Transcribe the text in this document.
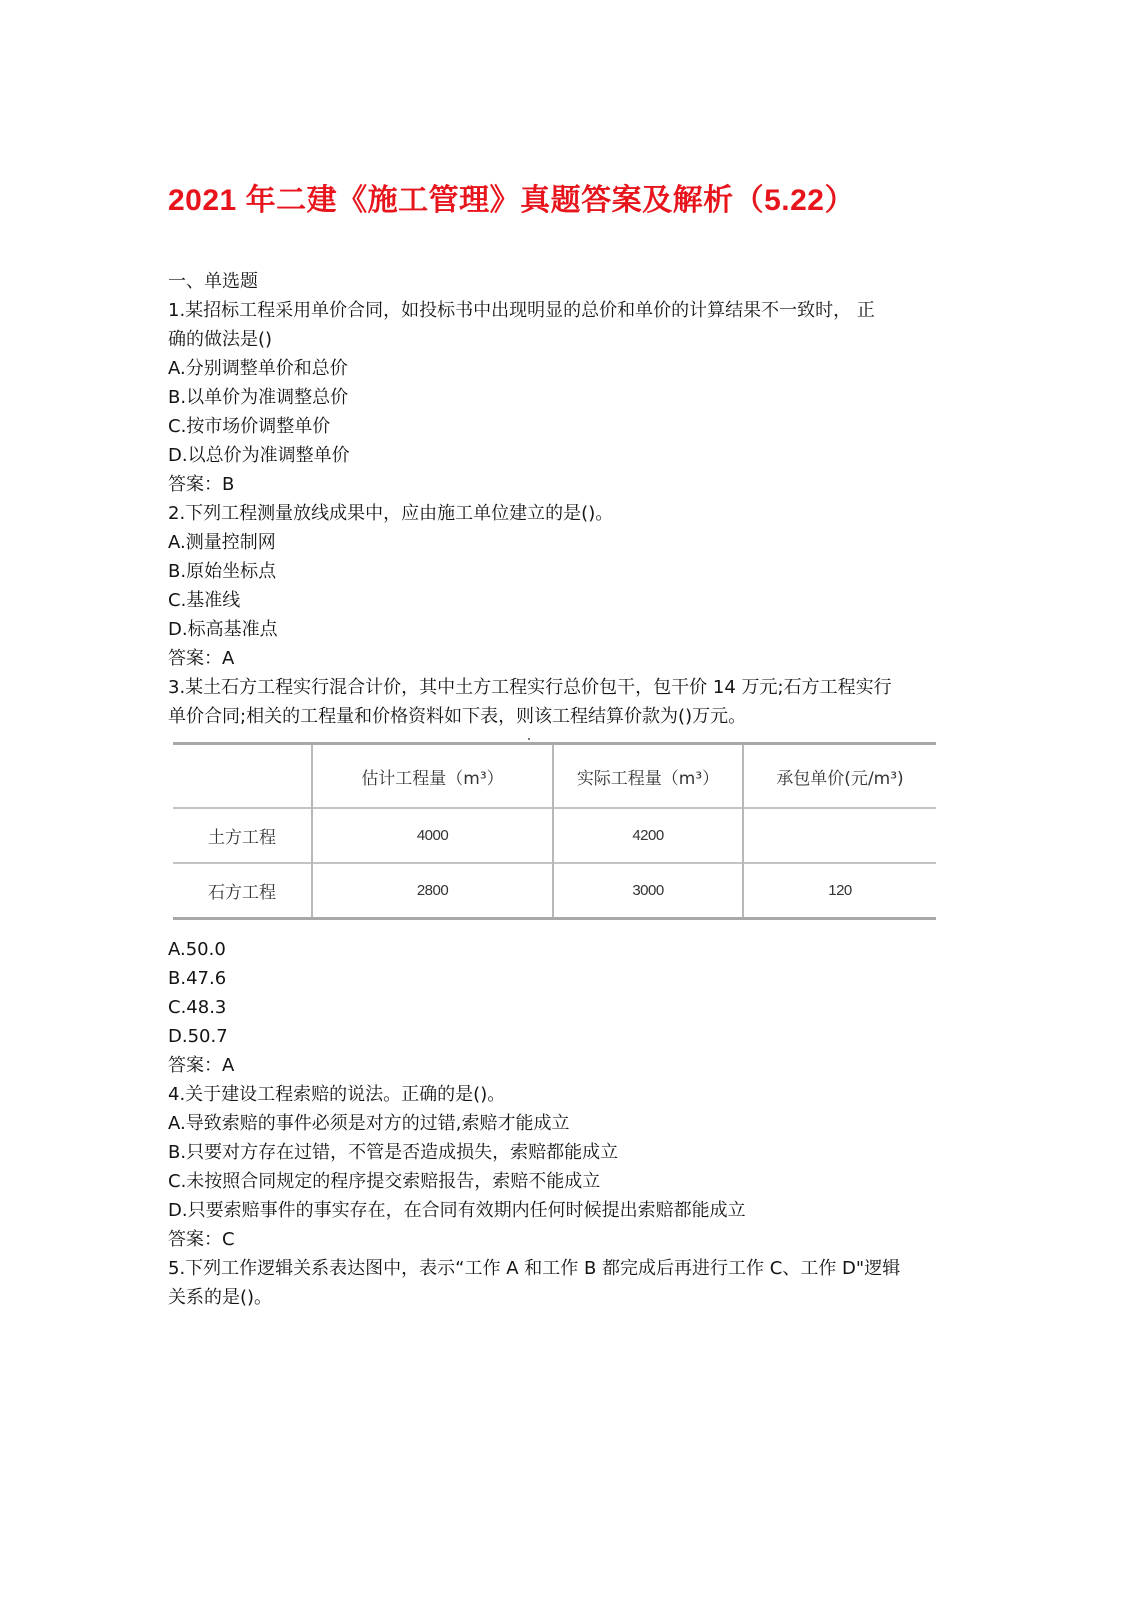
2021 年二建《施工管理》真题答案及解析（5.22）
一、单选题
1.某招标工程采用单价合同，如投标书中出现明显的总价和单价的计算结果不一致时， 正
确的做法是()
A.分别调整单价和总价
B.以单价为准调整总价
C.按市场价调整单价
D.以总价为准调整单价
答案：B
2.下列工程测量放线成果中，应由施工单位建立的是()。
A.测量控制网
B.原始坐标点
C.基准线
D.标高基准点
答案：A
3.某土石方工程实行混合计价，其中土方工程实行总价包干，包干价 14 万元;石方工程实行
单价合同;相关的工程量和价格资料如下表，则该工程结算价款为()万元。
	估计工程量（m³）	实际工程量（m³）	承包单价(元/m³)
土方工程	4000	4200	
石方工程	2800	3000	120
A.50.0
B.47.6
C.48.3
D.50.7
答案：A
4.关于建设工程索赔的说法。正确的是()。
A.导致索赔的事件必须是对方的过错,索赔才能成立
B.只要对方存在过错，不管是否造成损失，索赔都能成立
C.未按照合同规定的程序提交索赔报告，索赔不能成立
D.只要索赔事件的事实存在，在合同有效期内任何时候提出索赔都能成立
答案：C
5.下列工作逻辑关系表达图中，表示“工作 A 和工作 B 都完成后再进行工作 C、工作 D"逻辑
关系的是()。
